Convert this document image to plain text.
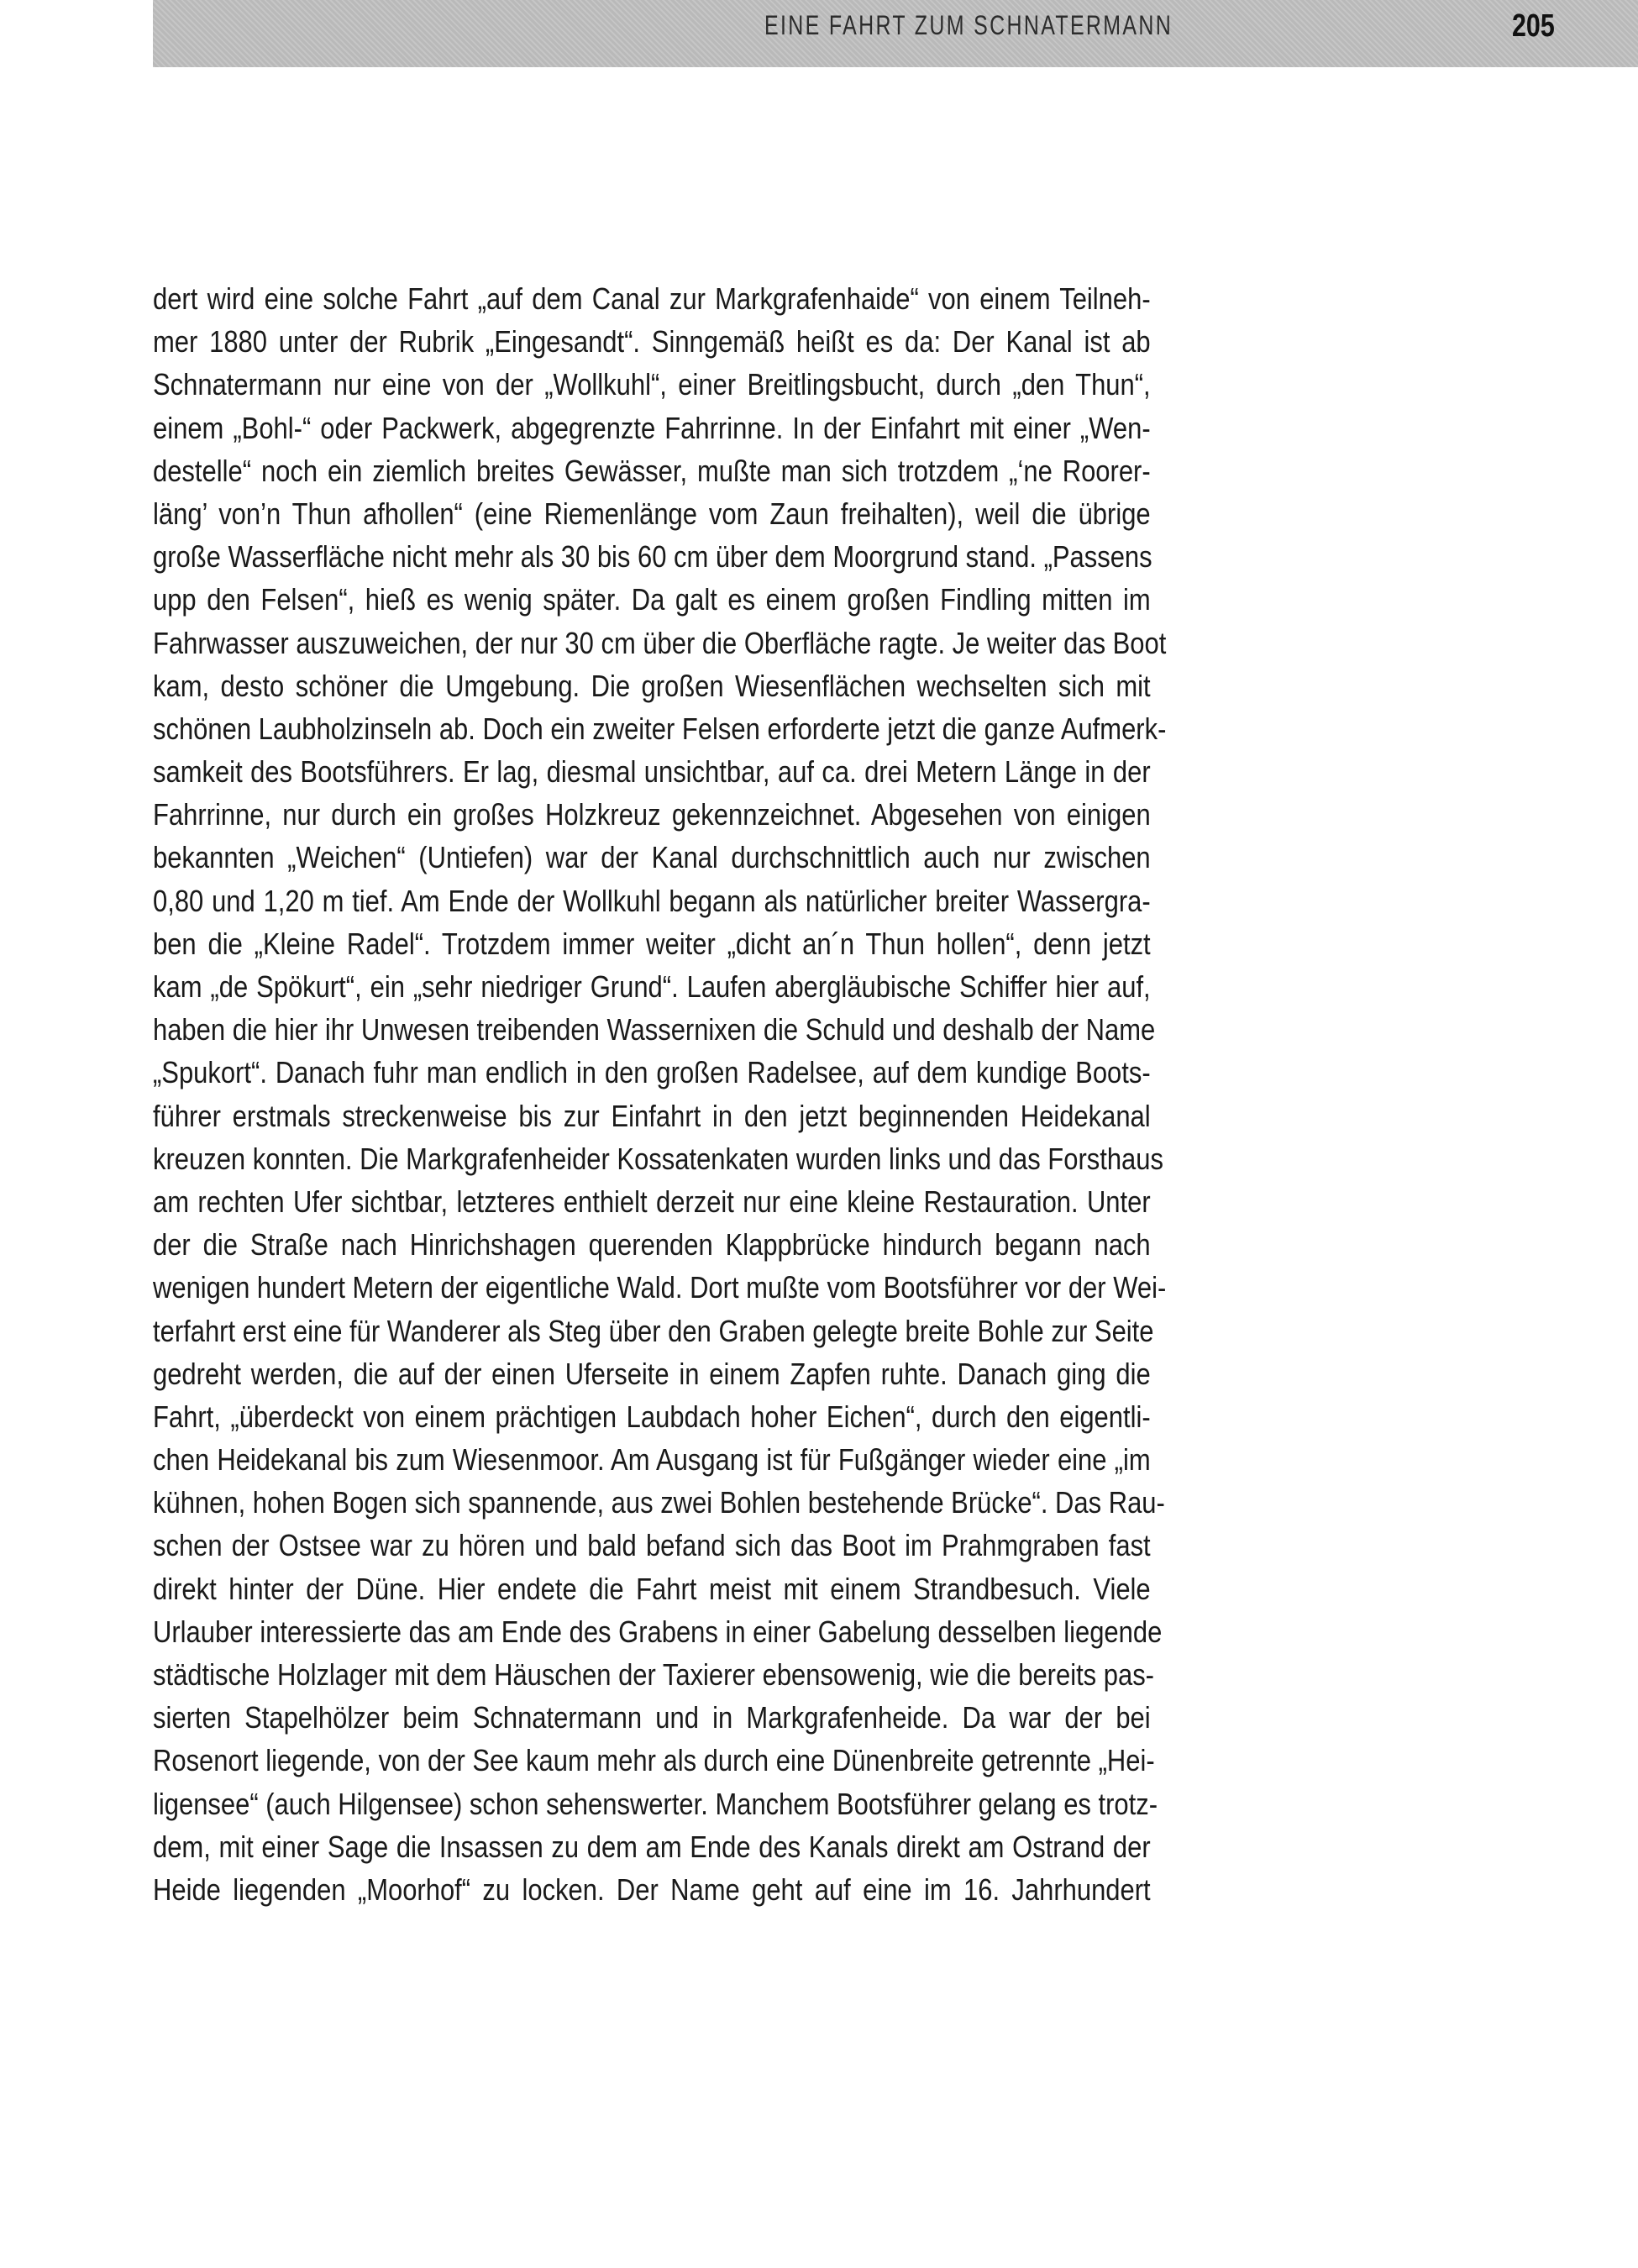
EINE FAHRT ZUM SCHNATERMANN	205
dert wird eine solche Fahrt „auf dem Canal zur Markgrafenhaide“ von einem Teilneh-
mer 1880 unter der Rubrik „Eingesandt“. Sinngemäß heißt es da: Der Kanal ist ab
Schnatermann nur eine von der „Wollkuhl“, einer Breitlingsbucht, durch „den Thun“,
einem „Bohl-“ oder Packwerk, abgegrenzte Fahrrinne. In der Einfahrt mit einer „Wen-
destelle“ noch ein ziemlich breites Gewässer, mußte man sich trotzdem „‘ne Roorer-
läng’ von’n Thun afhollen“ (eine Riemenlänge vom Zaun freihalten), weil die übrige
große Wasserfläche nicht mehr als 30 bis 60 cm über dem Moorgrund stand. „Passens
upp den Felsen“, hieß es wenig später. Da galt es einem großen Findling mitten im
Fahrwasser auszuweichen, der nur 30 cm über die Oberfläche ragte. Je weiter das Boot
kam, desto schöner die Umgebung. Die großen Wiesenflächen wechselten sich mit
schönen Laubholzinseln ab. Doch ein zweiter Felsen erforderte jetzt die ganze Aufmerk-
samkeit des Bootsführers. Er lag, diesmal unsichtbar, auf ca. drei Metern Länge in der
Fahrrinne, nur durch ein großes Holzkreuz gekennzeichnet. Abgesehen von einigen
bekannten „Weichen“ (Untiefen) war der Kanal durchschnittlich auch nur zwischen
0,80 und 1,20 m tief. Am Ende der Wollkuhl begann als natürlicher breiter Wassergra-
ben die „Kleine Radel“. Trotzdem immer weiter „dicht an´n Thun hollen“, denn jetzt
kam „de Spökurt“, ein „sehr niedriger Grund“. Laufen abergläubische Schiffer hier auf,
haben die hier ihr Unwesen treibenden Wassernixen die Schuld und deshalb der Name
„Spukort“. Danach fuhr man endlich in den großen Radelsee, auf dem kundige Boots-
führer erstmals streckenweise bis zur Einfahrt in den jetzt beginnenden Heidekanal
kreuzen konnten. Die Markgrafenheider Kossatenkaten wurden links und das Forsthaus
am rechten Ufer sichtbar, letzteres enthielt derzeit nur eine kleine Restauration. Unter
der die Straße nach Hinrichshagen querenden Klappbrücke hindurch begann nach
wenigen hundert Metern der eigentliche Wald. Dort mußte vom Bootsführer vor der Wei-
terfahrt erst eine für Wanderer als Steg über den Graben gelegte breite Bohle zur Seite
gedreht werden, die auf der einen Uferseite in einem Zapfen ruhte. Danach ging die
Fahrt, „überdeckt von einem prächtigen Laubdach hoher Eichen“, durch den eigentli-
chen Heidekanal bis zum Wiesenmoor. Am Ausgang ist für Fußgänger wieder eine „im
kühnen, hohen Bogen sich spannende, aus zwei Bohlen bestehende Brücke“. Das Rau-
schen der Ostsee war zu hören und bald befand sich das Boot im Prahmgraben fast
direkt hinter der Düne. Hier endete die Fahrt meist mit einem Strandbesuch. Viele
Urlauber interessierte das am Ende des Grabens in einer Gabelung desselben liegende
städtische Holzlager mit dem Häuschen der Taxierer ebensowenig, wie die bereits pas-
sierten Stapelhölzer beim Schnatermann und in Markgrafenheide. Da war der bei
Rosenort liegende, von der See kaum mehr als durch eine Dünenbreite getrennte „Hei-
ligensee“ (auch Hilgensee) schon sehenswerter. Manchem Bootsführer gelang es trotz-
dem, mit einer Sage die Insassen zu dem am Ende des Kanals direkt am Ostrand der
Heide liegenden „Moorhof“ zu locken. Der Name geht auf eine im 16. Jahrhundert
